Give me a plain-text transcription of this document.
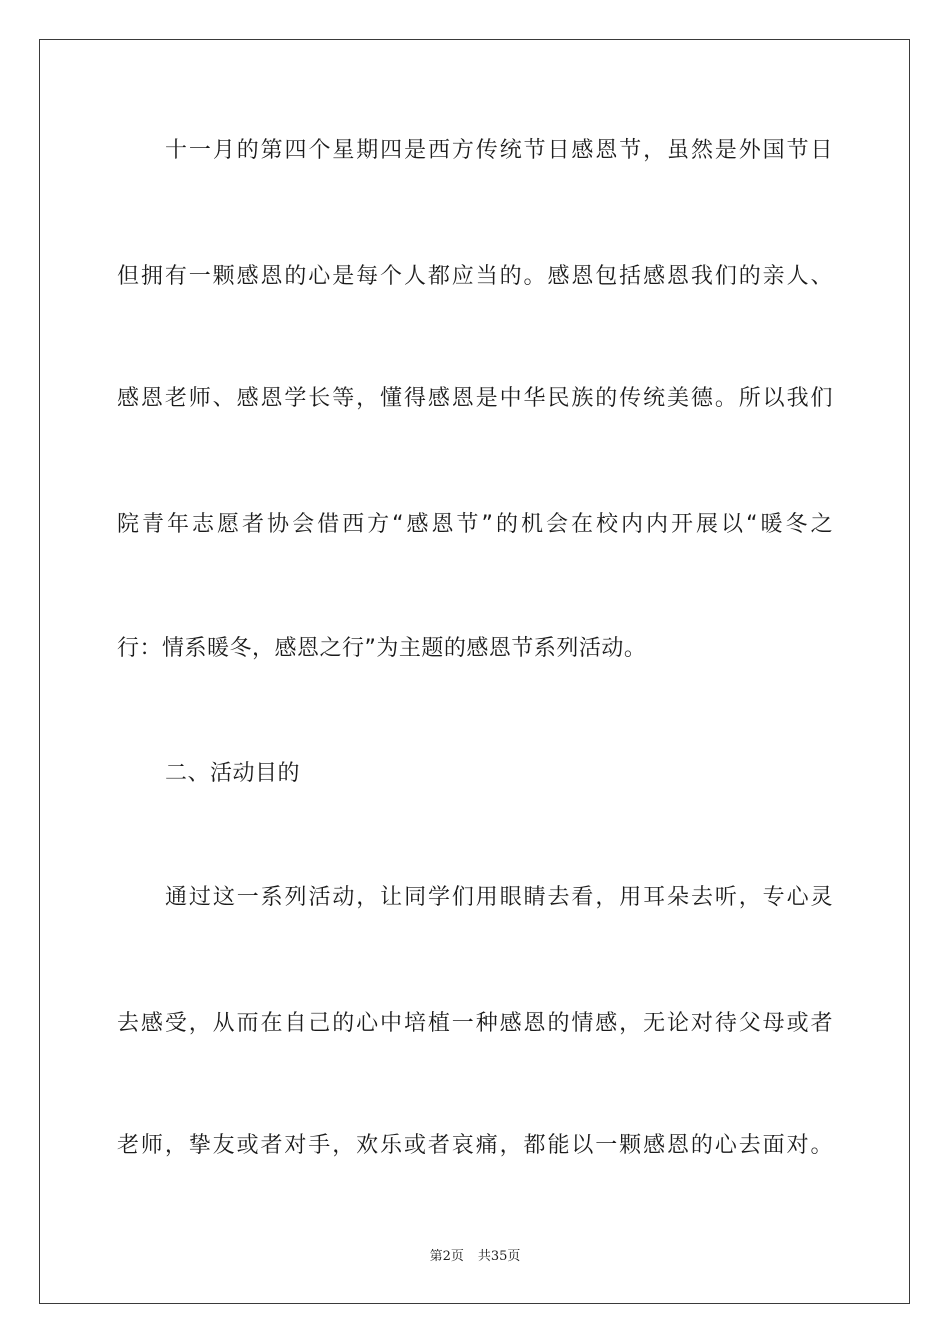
十一月的第四个星期四是西方传统节日感恩节，虽然是外国节日
但拥有一颗感恩的心是每个人都应当的。感恩包括感恩我们的亲人、
感恩老师、感恩学长等，懂得感恩是中华民族的传统美德。所以我们
院青年志愿者协会借西方“感恩节”的机会在校内内开展以“暖冬之
行：情系暖冬，感恩之行”为主题的感恩节系列活动。
二、活动目的
通过这一系列活动，让同学们用眼睛去看，用耳朵去听，专心灵
去感受，从而在自己的心中培植一种感恩的情感，无论对待父母或者
老师，挚友或者对手，欢乐或者哀痛，都能以一颗感恩的心去面对。
第2页 共35页
